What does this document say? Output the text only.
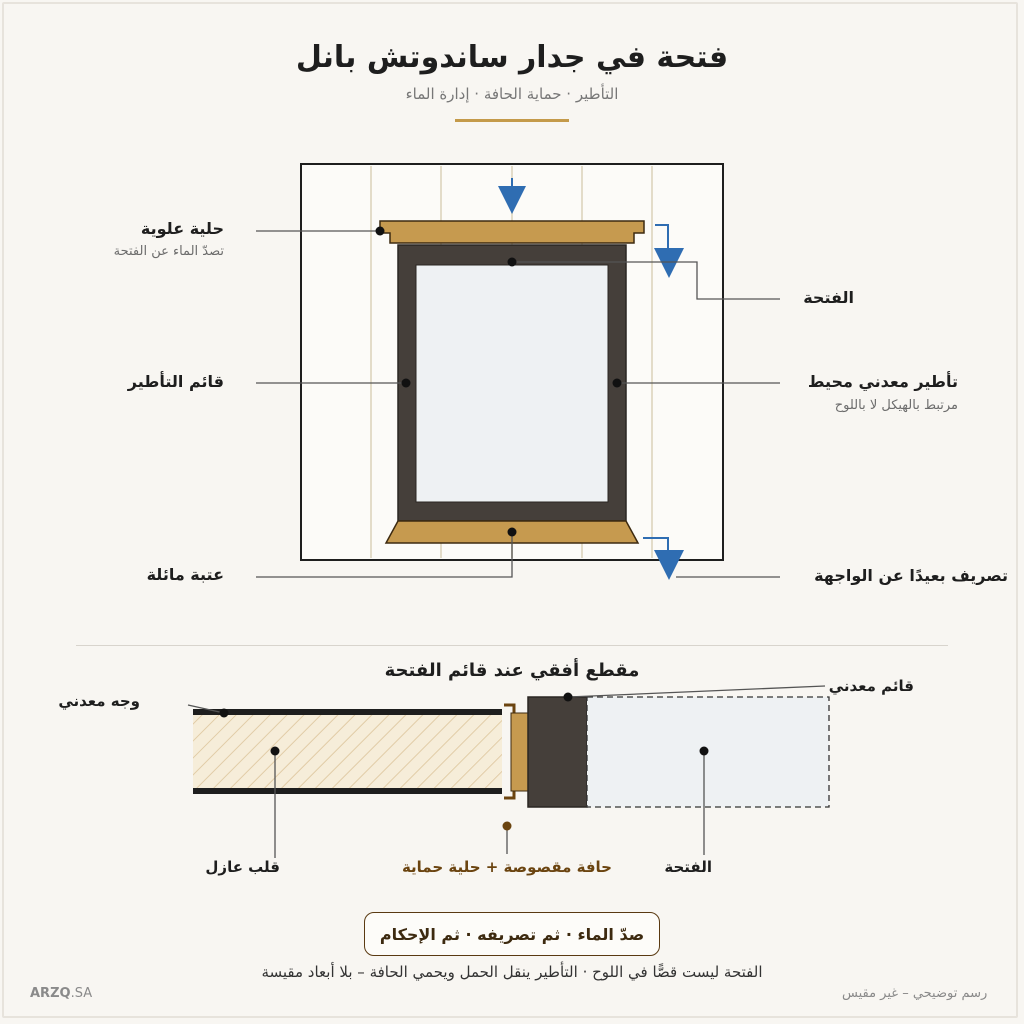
فتحة في جدار ساندوتش بانل
التأطير · حماية الحافة · إدارة الماء
حلية علوية
تصدّ الماء عن الفتحة
الفتحة
قائم التأطير	تأطير معدني محيط
مرتبط بالهيكل لا باللوح
عتبة مائلة	تصريف بعيدًا عن الواجهة
مقطع أفقي عند قائم الفتحة
وجه معدني
قائم معدني
قلب عازل	حافة مقصوصة + حلية حماية	الفتحة
صدّ الماء · ثم تصريفه · ثم الإحكام
الفتحة ليست قصًّا في اللوح · التأطير ينقل الحمل ويحمي الحافة – بلا أبعاد مقيسة
ARZQ.SA	رسم توضيحي – غير مقيس
